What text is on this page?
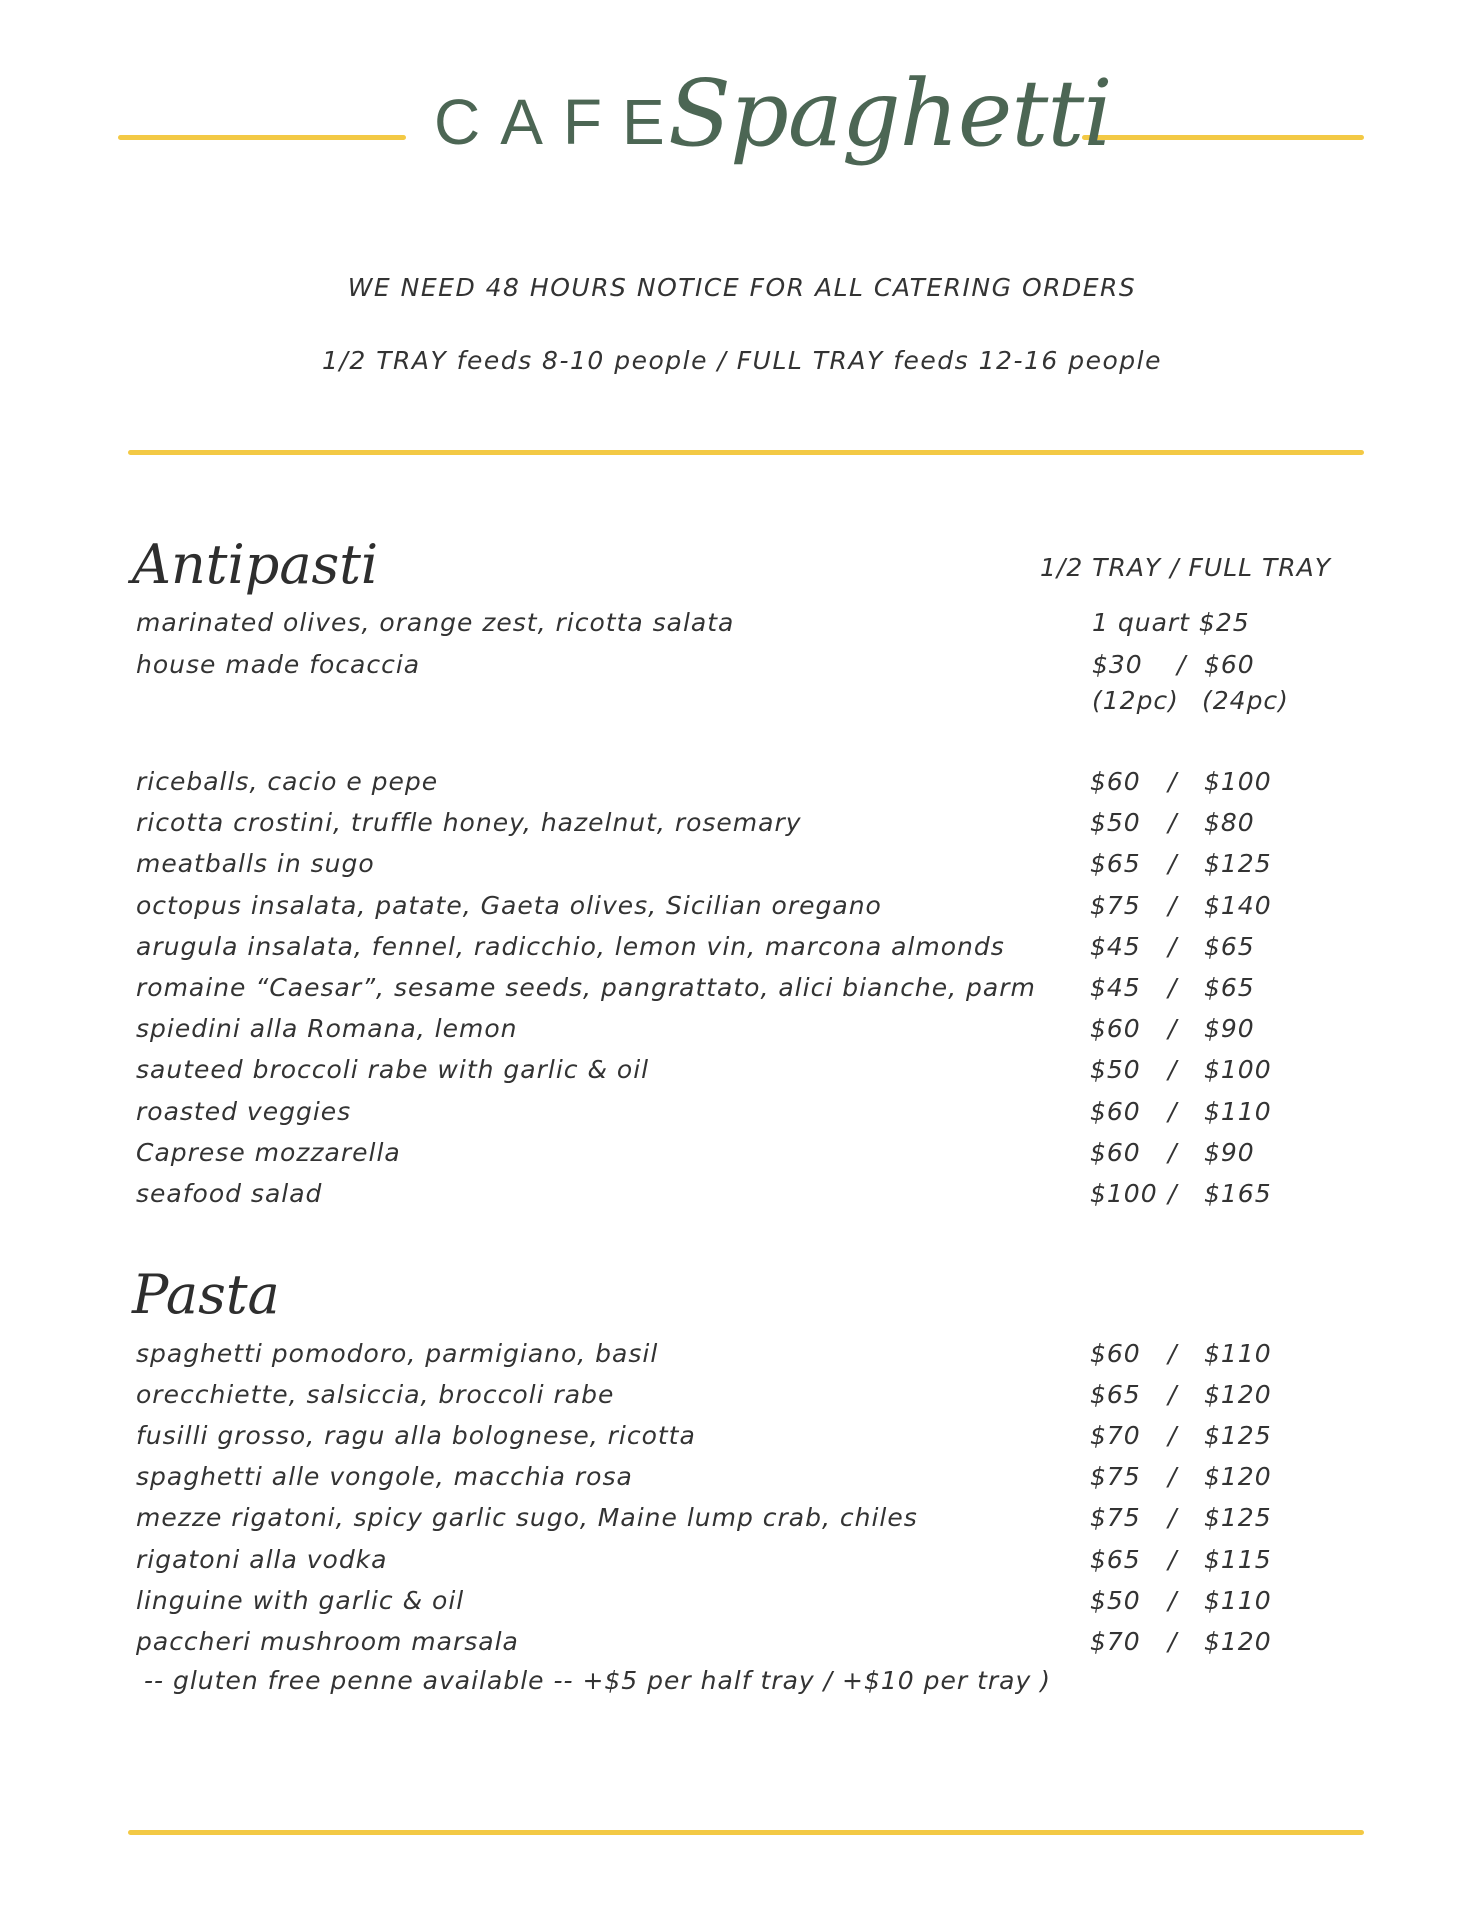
CAFE
Spaghetti
WE NEED 48 HOURS NOTICE FOR ALL CATERING ORDERS
1/2 TRAY feeds 8-10 people / FULL TRAY feeds 12-16 people
Antipasti	1/2 TRAY / FULL TRAY
marinated olives, orange zest, ricotta salata	1 quart $25
house made focaccia	$30 / $60
(12pc) (24pc)
riceballs, cacio e pepe	$60 / $100
ricotta crostini, truffle honey, hazelnut, rosemary	$50 / $80
meatballs in sugo	$65 / $125
octopus insalata, patate, Gaeta olives, Sicilian oregano	$75 / $140
arugula insalata, fennel, radicchio, lemon vin, marcona almonds	$45 / $65
romaine “Caesar”, sesame seeds, pangrattato, alici bianche, parm $45 / $65
spiedini alla Romana, lemon	$60 / $90
sauteed broccoli rabe with garlic & oil	$50 / $100
roasted veggies	$60 / $110
Caprese mozzarella	$60 / $90
seafood salad	$100 / $165
Pasta
spaghetti pomodoro, parmigiano, basil	$60 / $110
orecchiette, salsiccia, broccoli rabe	$65 / $120
fusilli grosso, ragu alla bolognese, ricotta	$70 / $125
spaghetti alle vongole, macchia rosa	$75 / $120
mezze rigatoni, spicy garlic sugo, Maine lump crab, chiles	$75 / $125
rigatoni alla vodka	$65 / $115
linguine with garlic & oil	$50 / $110
paccheri mushroom marsala	$70 / $120
-- gluten free penne available -- +$5 per half tray / +$10 per tray )
